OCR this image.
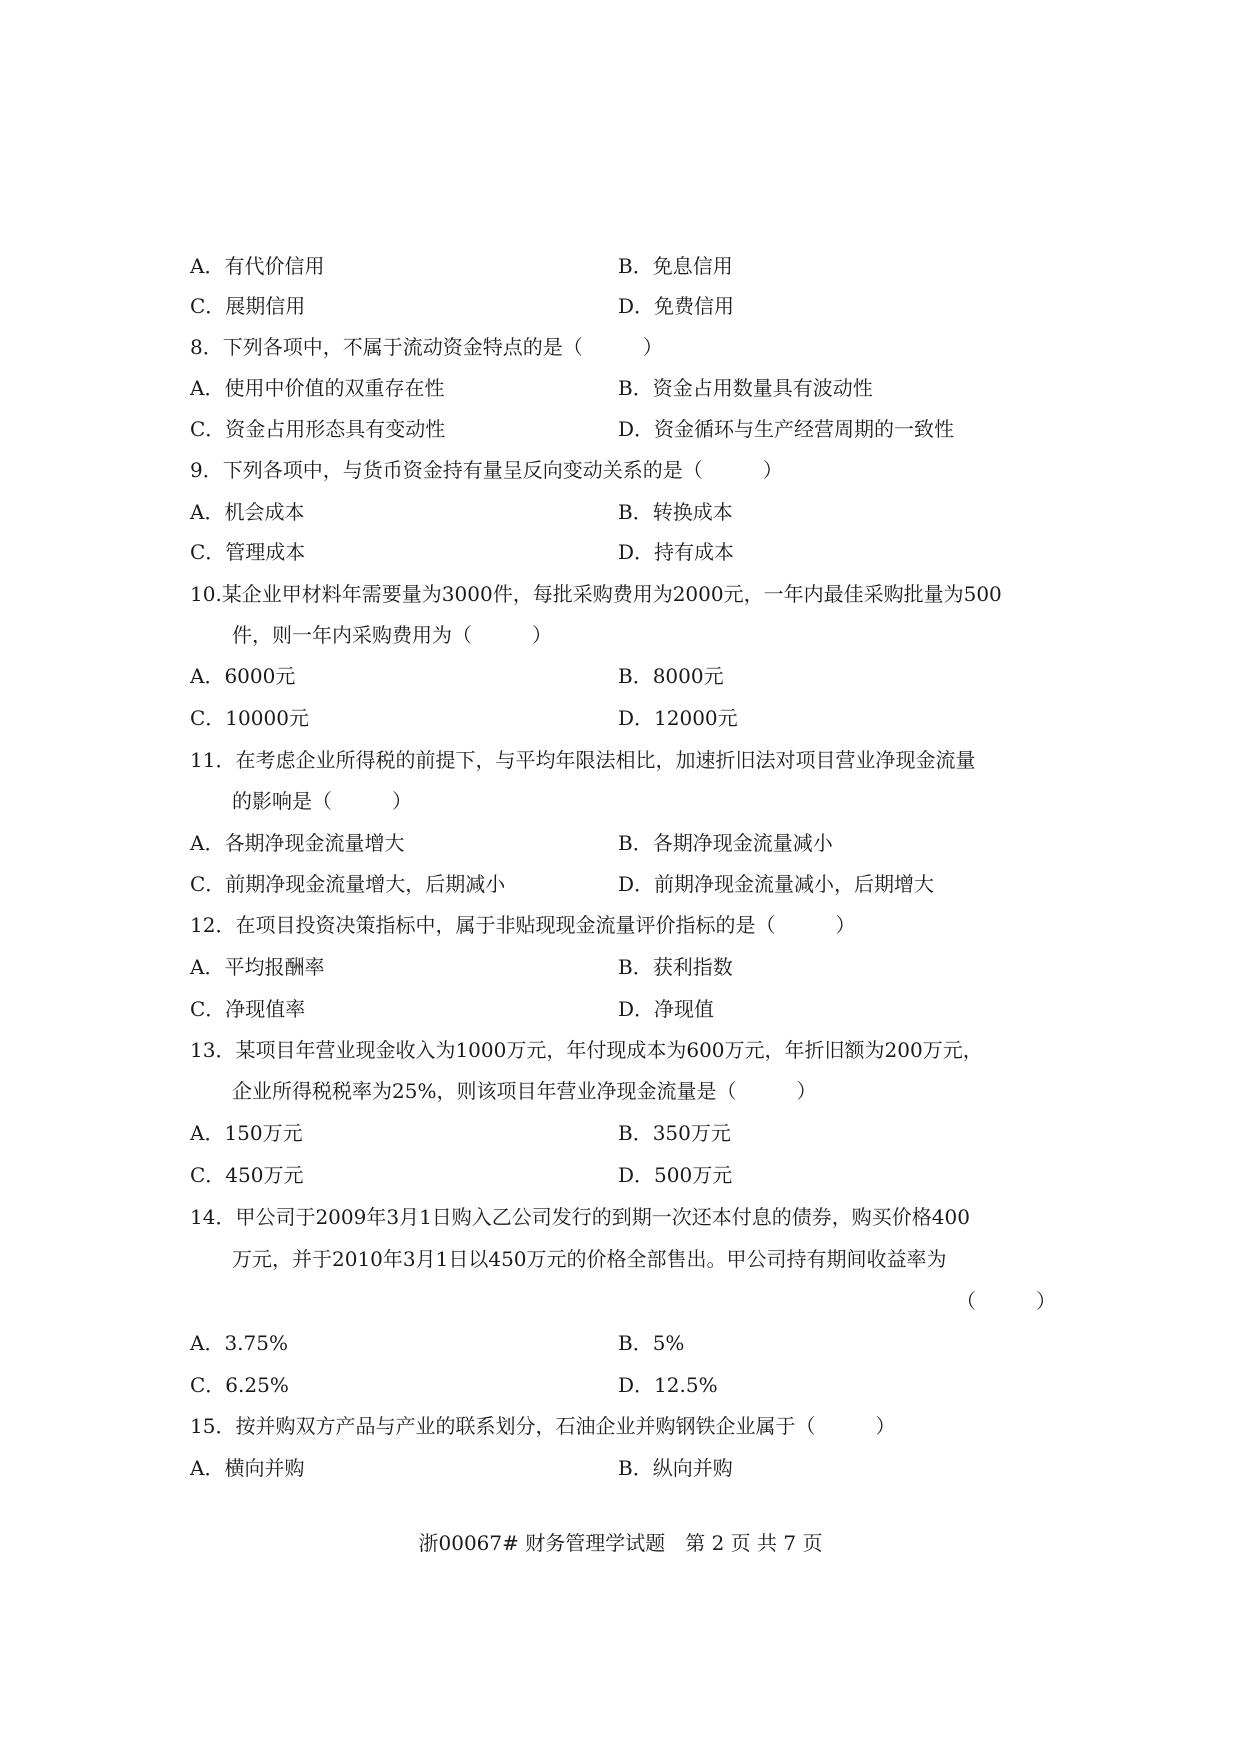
A．有代价信用	B．免息信用
C．展期信用	D．免费信用
8．下列各项中，不属于流动资金特点的是（　　　）
A．使用中价值的双重存在性	B．资金占用数量具有波动性
C．资金占用形态具有变动性	D．资金循环与生产经营周期的一致性
9．下列各项中，与货币资金持有量呈反向变动关系的是（　　　）
A．机会成本	B．转换成本
C．管理成本	D．持有成本
10.某企业甲材料年需要量为3000件，每批采购费用为2000元，一年内最佳采购批量为500
件，则一年内采购费用为（　　　）
A．6000元	B．8000元
C．10000元	D．12000元
11．在考虑企业所得税的前提下，与平均年限法相比，加速折旧法对项目营业净现金流量
的影响是（　　　）
A．各期净现金流量增大	B．各期净现金流量减小
C．前期净现金流量增大，后期减小	D．前期净现金流量减小，后期增大
12．在项目投资决策指标中，属于非贴现现金流量评价指标的是（　　　）
A．平均报酬率	B．获利指数
C．净现值率	D．净现值
13．某项目年营业现金收入为1000万元，年付现成本为600万元，年折旧额为200万元，
企业所得税税率为25%，则该项目年营业净现金流量是（　　　）
A．150万元	B．350万元
C．450万元	D．500万元
14．甲公司于2009年3月1日购入乙公司发行的到期一次还本付息的债券，购买价格400
万元，并于2010年3月1日以450万元的价格全部售出。甲公司持有期间收益率为
（　　　）
A．3.75%	B．5%
C．6.25%	D．12.5%
15．按并购双方产品与产业的联系划分，石油企业并购钢铁企业属于（　　　）
A．横向并购	B．纵向并购
浙00067# 财务管理学试题　第 2 页 共 7 页
